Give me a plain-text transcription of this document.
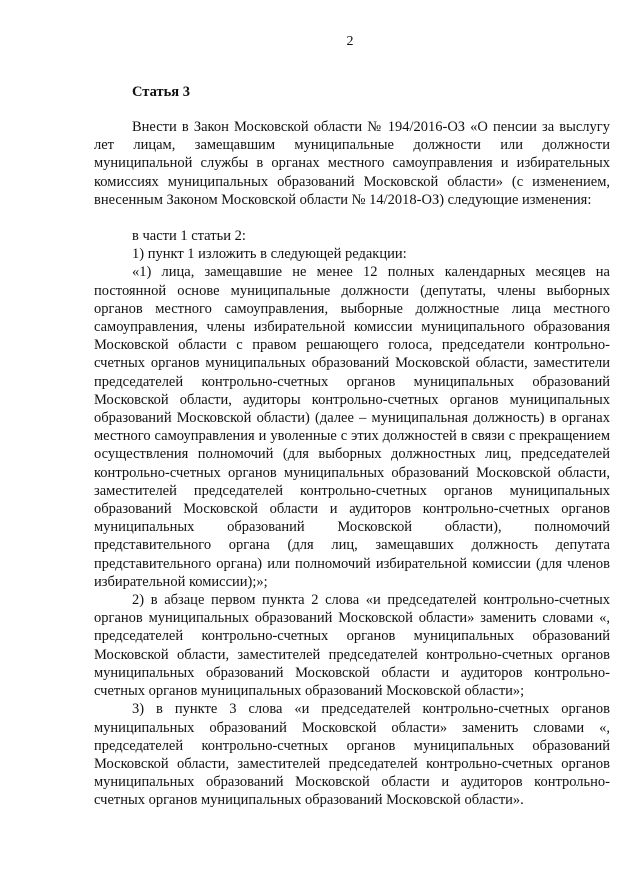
2
Статья 3

Внести в Закон Московской области № 194/2016-ОЗ «О пенсии за выслугу лет лицам, замещавшим муниципальные должности или должности муниципальной службы в органах местного самоуправления и избирательных комиссиях муниципальных образований Московской области» (с изменением, внесенным Законом Московской области № 14/2018-ОЗ) следующие изменения:

в части 1 статьи 2:

1) пункт 1 изложить в следующей редакции:

«1) лица, замещавшие не менее 12 полных календарных месяцев на постоянной основе муниципальные должности (депутаты, члены выборных органов местного самоуправления, выборные должностные лица местного самоуправления, члены избирательной комиссии муниципального образования Московской области с правом решающего голоса, председатели контрольно-счетных органов муниципальных образований Московской области, заместители председателей контрольно-счетных органов муниципальных образований Московской области, аудиторы контрольно-счетных органов муниципальных образований Московской области) (далее – муниципальная должность) в органах местного самоуправления и уволенные с этих должностей в связи с прекращением осуществления полномочий (для выборных должностных лиц, председателей контрольно-счетных органов муниципальных образований Московской области, заместителей председателей контрольно-счетных органов муниципальных образований Московской области и аудиторов контрольно-счетных органов муниципальных образований Московской области), полномочий представительного органа (для лиц, замещавших должность депутата представительного органа) или полномочий избирательной комиссии (для членов избирательной комиссии);»;

2) в абзаце первом пункта 2 слова «и председателей контрольно-счетных органов муниципальных образований Московской области» заменить словами «, председателей контрольно-счетных органов муниципальных образований Московской области, заместителей председателей контрольно-счетных органов муниципальных образований Московской области и аудиторов контрольно-счетных органов муниципальных образований Московской области»;

3) в пункте 3 слова «и председателей контрольно-счетных органов муниципальных образований Московской области» заменить словами «, председателей контрольно-счетных органов муниципальных образований Московской области, заместителей председателей контрольно-счетных органов муниципальных образований Московской области и аудиторов контрольно-счетных органов муниципальных образований Московской области».
